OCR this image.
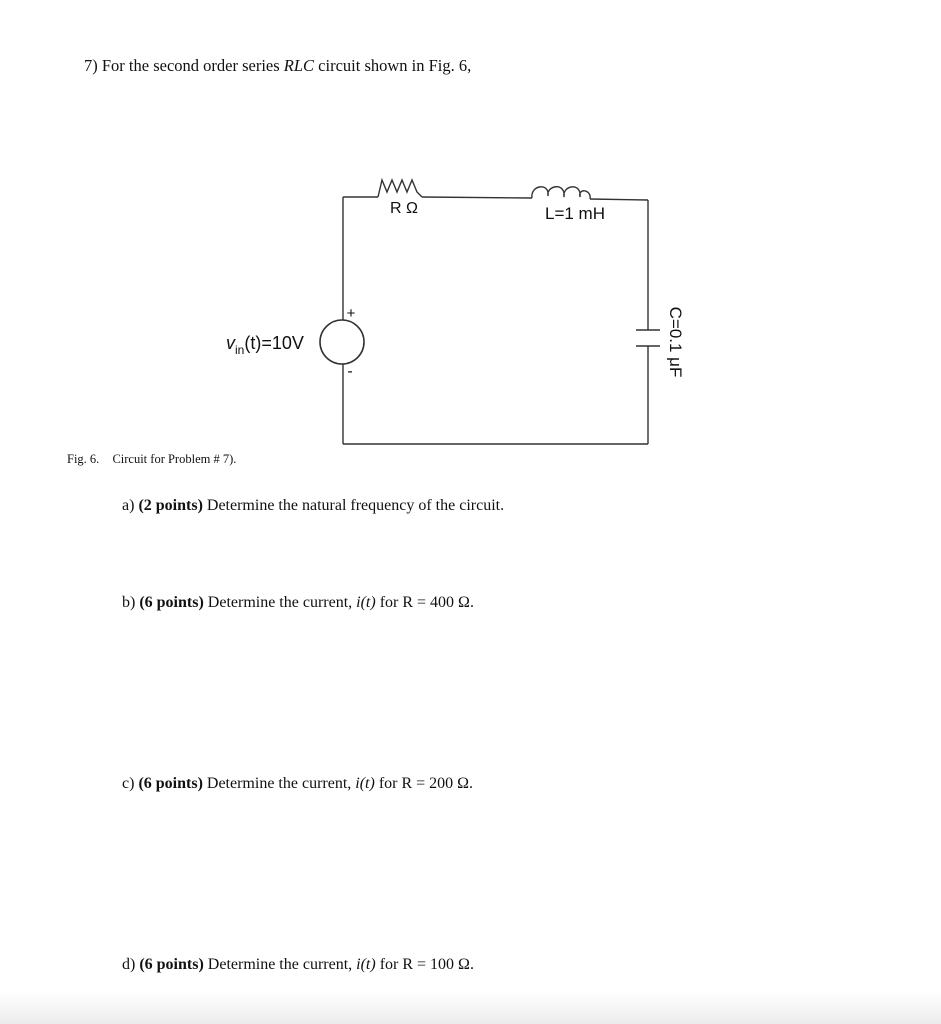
7) For the second order series RLC circuit shown in Fig. 6,
R Ω	L=1 mH
C=0.1 μF
+
-
$v_{in}(t)=10V$
Fig. 6. Circuit for Problem # 7).
a) (2 points) Determine the natural frequency of the circuit.
b) (6 points) Determine the current, i(t) for R = 400 Ω.
c) (6 points) Determine the current, i(t) for R = 200 Ω.
d) (6 points) Determine the current, i(t) for R = 100 Ω.
